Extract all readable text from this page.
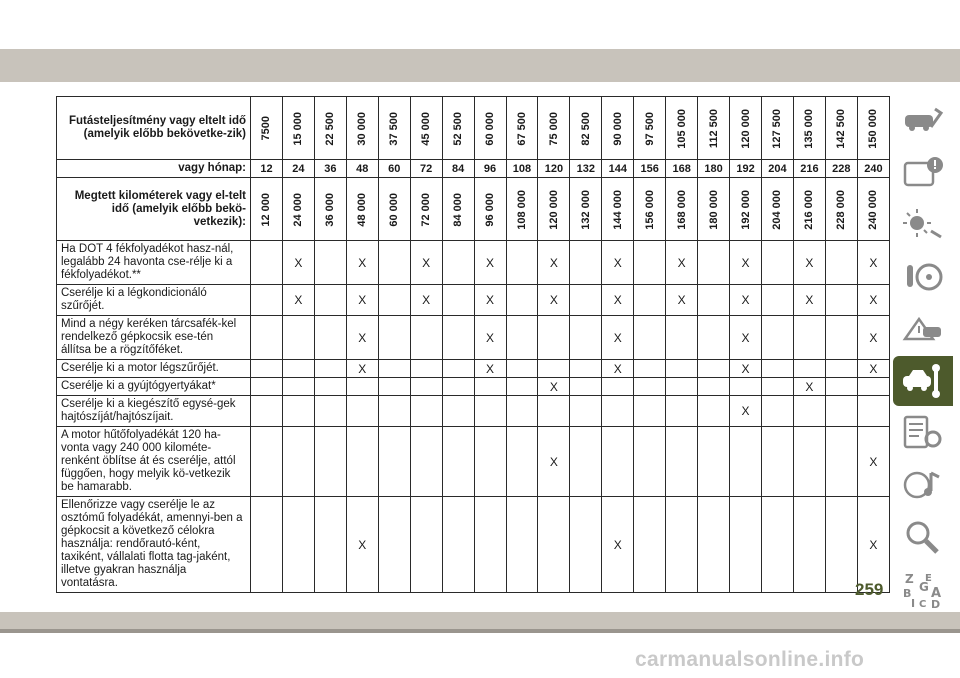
Futásteljesítmény vagy eltelt idő (amelyik előbb bekövetke-zik)	7500	15 000	22 500	30 000	37 500	45 000	52 500	60 000	67 500	75 000	82 500	90 000	97 500	105 000	112 500	120 000	127 500	135 000	142 500	150 000
vagy hónap:	12	24	36	48	60	72	84	96	108	120	132	144	156	168	180	192	204	216	228	240
Megtett kilométerek vagy el-telt idő (amelyik előbb bekö-vetkezik):	12 000	24 000	36 000	48 000	60 000	72 000	84 000	96 000	108 000	120 000	132 000	144 000	156 000	168 000	180 000	192 000	204 000	216 000	228 000	240 000
Ha DOT 4 fékfolyadékot hasz-nál, legalább 24 havonta cse-rélje ki a fékfolyadékot.**		X		X		X		X		X		X		X		X		X		X
Cserélje ki a légkondicionáló szűrőjét.		X		X		X		X		X		X		X		X		X		X
Mind a négy keréken tárcsafék-kel rendelkező gépkocsik ese-tén állítsa be a rögzítőféket.				X				X				X				X				X
Cserélje ki a motor légszűrőjét.				X				X				X				X				X
Cserélje ki a gyújtógyertyákat*										X								X		
Cserélje ki a kiegészítő egysé-gek hajtószíját/hajtószíjait.																X				
A motor hűtőfolyadékát 120 ha-vonta vagy 240 000 kilométe-renként öblítse át és cserélje, attól függően, hogy melyik kö-vetkezik be hamarabb.										X										X
Ellenőrizze vagy cserélje le az osztómű folyadékát, amennyi-ben a gépkocsit a következő célokra használja: rendőrautó-ként, taxiként, vállalati flotta tag-jaként, illetve gyakran használja vontatásra.				X								X								X
Z E
B G A
I C D
259
carmanualsonline.info
